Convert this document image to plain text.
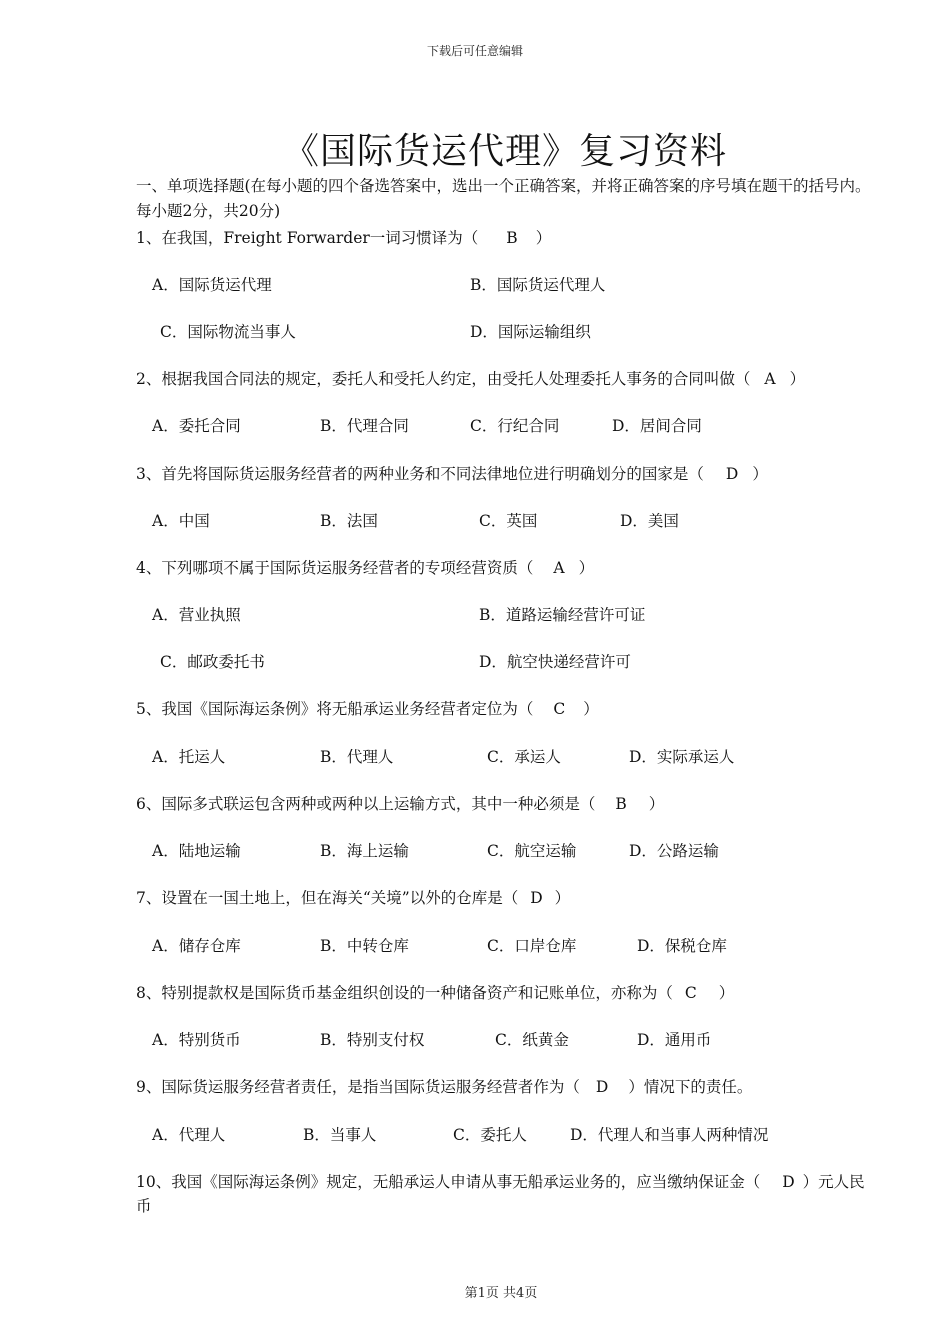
下载后可任意编辑
《国际货运代理》复习资料
一、单项选择题(在每小题的四个备选答案中，选出一个正确答案，并将正确答案的序号填在题干的括号内。每小题2分，共20分)
1、在我国，Freight Forwarder一词习惯译为（ B ）
A．国际货运代理	B．国际货运代理人
C．国际物流当事人	D．国际运输组织
2、根据我国合同法的规定，委托人和受托人约定，由受托人处理委托人事务的合同叫做（ A ）
A．委托合同	B．代理合同	C．行纪合同	D．居间合同
3、首先将国际货运服务经营者的两种业务和不同法律地位进行明确划分的国家是（ D ）
A．中国	B．法国	C．英国	D．美国
4、下列哪项不属于国际货运服务经营者的专项经营资质（ A ）
A．营业执照	B．道路运输经营许可证
C．邮政委托书	D．航空快递经营许可
5、我国《国际海运条例》将无船承运业务经营者定位为（ C ）
A．托运人	B．代理人	C．承运人	D．实际承运人
6、国际多式联运包含两种或两种以上运输方式，其中一种必须是（ B ）
A．陆地运输	B．海上运输	C．航空运输	D．公路运输
7、设置在一国土地上，但在海关“关境”以外的仓库是（ D ）
A．储存仓库	B．中转仓库	C．口岸仓库	D．保税仓库
8、特别提款权是国际货币基金组织创设的一种储备资产和记账单位，亦称为（ C ）
A．特别货币	B．特别支付权	C．纸黄金	D．通用币
9、国际货运服务经营者责任，是指当国际货运服务经营者作为（ D ）情况下的责任。
A．代理人	B．当事人	C．委托人	D．代理人和当事人两种情况
10、我国《国际海运条例》规定，无船承运人申请从事无船承运业务的，应当缴纳保证金（ D ）元人民币
第1页 共4页
